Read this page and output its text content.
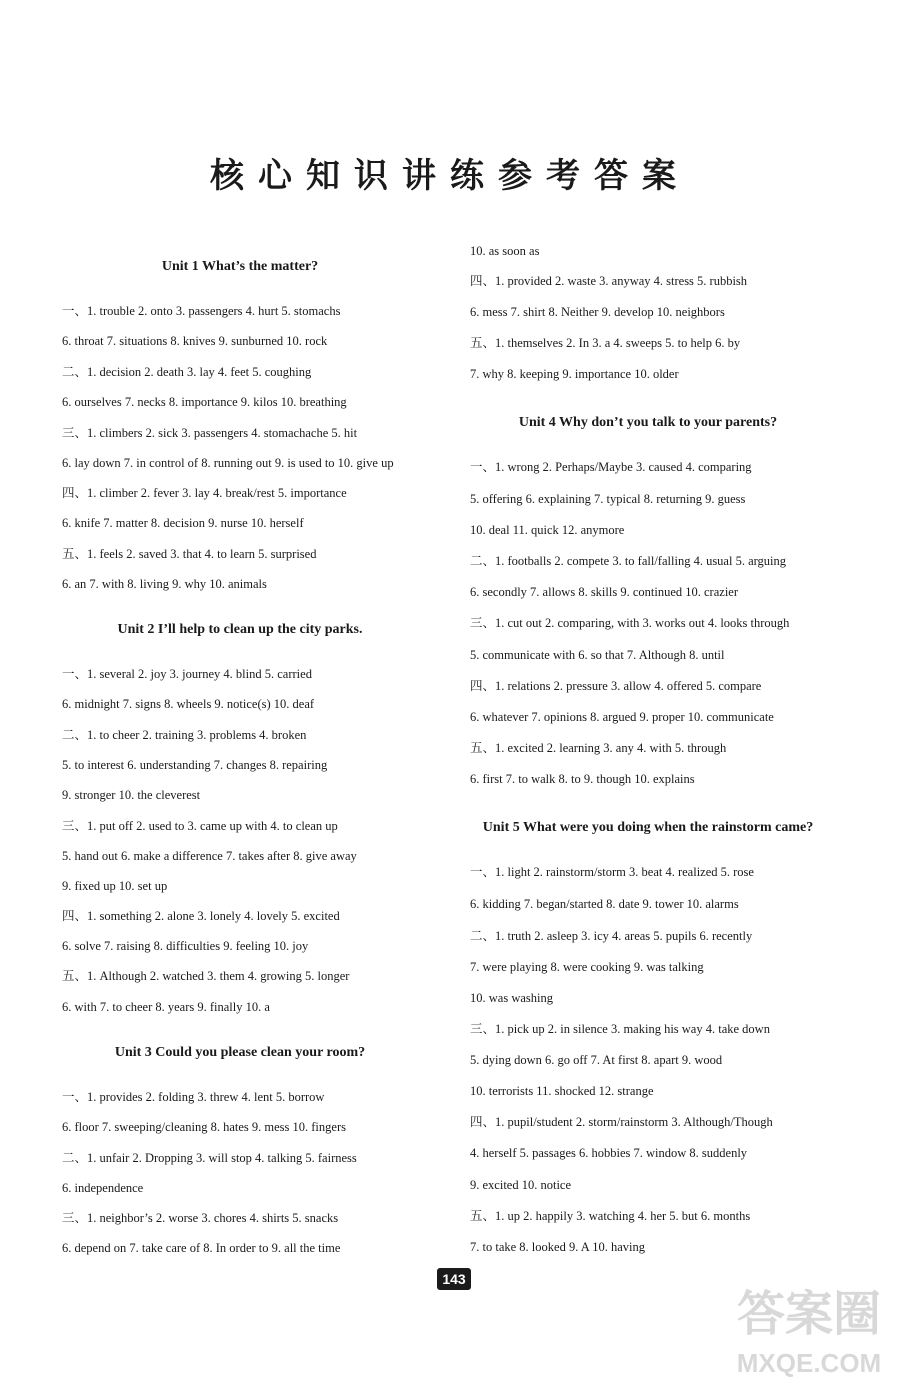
核心知识讲练参考答案
Unit 1 What’s the matter?
一、1. trouble 2. onto 3. passengers 4. hurt 5. stomachs
6. throat 7. situations 8. knives 9. sunburned 10. rock
二、1. decision 2. death 3. lay 4. feet 5. coughing
6. ourselves 7. necks 8. importance 9. kilos 10. breathing
三、1. climbers 2. sick 3. passengers 4. stomachache 5. hit
6. lay down 7. in control of 8. running out 9. is used to 10. give up
四、1. climber 2. fever 3. lay 4. break/rest 5. importance
6. knife 7. matter 8. decision 9. nurse 10. herself
五、1. feels 2. saved 3. that 4. to learn 5. surprised
6. an 7. with 8. living 9. why 10. animals
Unit 2 I’ll help to clean up the city parks.
一、1. several 2. joy 3. journey 4. blind 5. carried
6. midnight 7. signs 8. wheels 9. notice(s) 10. deaf
二、1. to cheer 2. training 3. problems 4. broken
5. to interest 6. understanding 7. changes 8. repairing
9. stronger 10. the cleverest
三、1. put off 2. used to 3. came up with 4. to clean up
5. hand out 6. make a difference 7. takes after 8. give away
9. fixed up 10. set up
四、1. something 2. alone 3. lonely 4. lovely 5. excited
6. solve 7. raising 8. difficulties 9. feeling 10. joy
五、1. Although 2. watched 3. them 4. growing 5. longer
6. with 7. to cheer 8. years 9. finally 10. a
Unit 3 Could you please clean your room?
一、1. provides 2. folding 3. threw 4. lent 5. borrow
6. floor 7. sweeping/cleaning 8. hates 9. mess 10. fingers
二、1. unfair 2. Dropping 3. will stop 4. talking 5. fairness
6. independence
三、1. neighbor’s 2. worse 3. chores 4. shirts 5. snacks
6. depend on 7. take care of 8. In order to 9. all the time
10. as soon as
四、1. provided 2. waste 3. anyway 4. stress 5. rubbish
6. mess 7. shirt 8. Neither 9. develop 10. neighbors
五、1. themselves 2. In 3. a 4. sweeps 5. to help 6. by
7. why 8. keeping 9. importance 10. older
Unit 4 Why don’t you talk to your parents?
一、1. wrong 2. Perhaps/Maybe 3. caused 4. comparing
5. offering 6. explaining 7. typical 8. returning 9. guess
10. deal 11. quick 12. anymore
二、1. footballs 2. compete 3. to fall/falling 4. usual 5. arguing
6. secondly 7. allows 8. skills 9. continued 10. crazier
三、1. cut out 2. comparing, with 3. works out 4. looks through
5. communicate with 6. so that 7. Although 8. until
四、1. relations 2. pressure 3. allow 4. offered 5. compare
6. whatever 7. opinions 8. argued 9. proper 10. communicate
五、1. excited 2. learning 3. any 4. with 5. through
6. first 7. to walk 8. to 9. though 10. explains
Unit 5 What were you doing when the rainstorm came?
一、1. light 2. rainstorm/storm 3. beat 4. realized 5. rose
6. kidding 7. began/started 8. date 9. tower 10. alarms
二、1. truth 2. asleep 3. icy 4. areas 5. pupils 6. recently
7. were playing 8. were cooking 9. was talking
10. was washing
三、1. pick up 2. in silence 3. making his way 4. take down
5. dying down 6. go off 7. At first 8. apart 9. wood
10. terrorists 11. shocked 12. strange
四、1. pupil/student 2. storm/rainstorm 3. Although/Though
4. herself 5. passages 6. hobbies 7. window 8. suddenly
9. excited 10. notice
五、1. up 2. happily 3. watching 4. her 5. but 6. months
7. to take 8. looked 9. A 10. having
143
答案圈
MXQE.COM
